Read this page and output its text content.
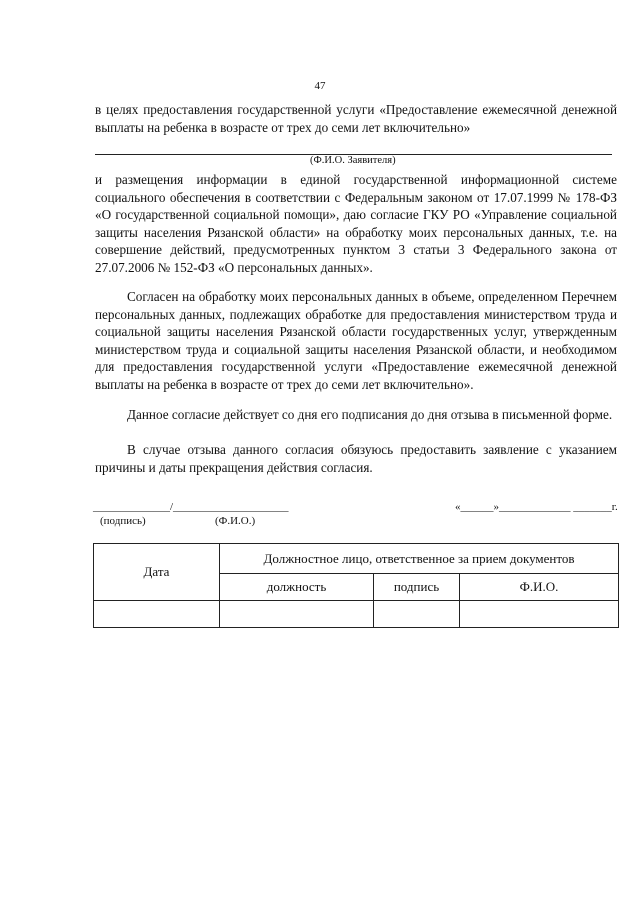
47
в целях предоставления государственной услуги «Предоставление ежемесячной денежной выплаты на ребенка в возрасте от трех до семи лет включительно»
(Ф.И.О. Заявителя)
и размещения информации в единой государственной информационной системе социального обеспечения в соответствии с Федеральным законом от 17.07.1999 № 178-ФЗ «О государственной социальной помощи», даю согласие ГКУ РО «Управление социальной защиты населения Рязанской области» на обработку моих персональных данных, т.е. на совершение действий, предусмотренных пунктом 3 статьи 3 Федерального закона от 27.07.2006 № 152-ФЗ «О персональных данных».
Согласен на обработку моих персональных данных в объеме, определенном Перечнем персональных данных, подлежащих обработке для предоставления министерством труда и социальной защиты населения Рязанской области государственных услуг, утвержденным министерством труда и социальной защиты населения Рязанской области, и необходимом для предоставления государственной услуги «Предоставление ежемесячной денежной выплаты на ребенка в возрасте от трех до семи лет включительно».
Данное согласие действует со дня его подписания до дня отзыва в письменной форме.
В случае отзыва данного согласия обязуюсь предоставить заявление с указанием причины и даты прекращения действия согласия.
______________/_____________________
(подпись)	(Ф.И.О.)
«______»_____________ _______г.
Дата	Должностное лицо, ответственное за прием документов		
	должность	подпись	Ф.И.О.
